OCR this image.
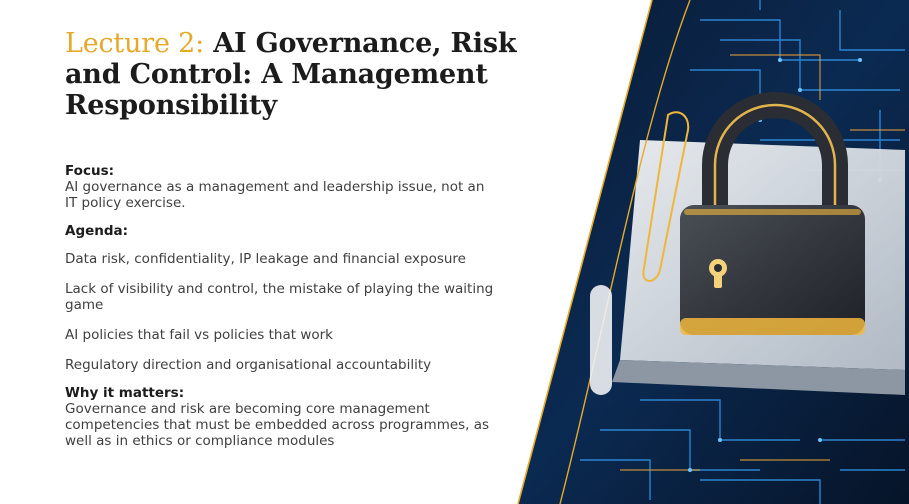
Lecture 2: AI Governance, Risk and Control: A Management Responsibility
Focus:

AI governance as a management and leadership issue, not an IT policy exercise.

Agenda:

Data risk, confidentiality, IP leakage and financial exposure

Lack of visibility and control, the mistake of playing the waiting game

AI policies that fail vs policies that work

Regulatory direction and organisational accountability

Why it matters:

Governance and risk are becoming core management competencies that must be embedded across programmes, as well as in ethics or compliance modules
